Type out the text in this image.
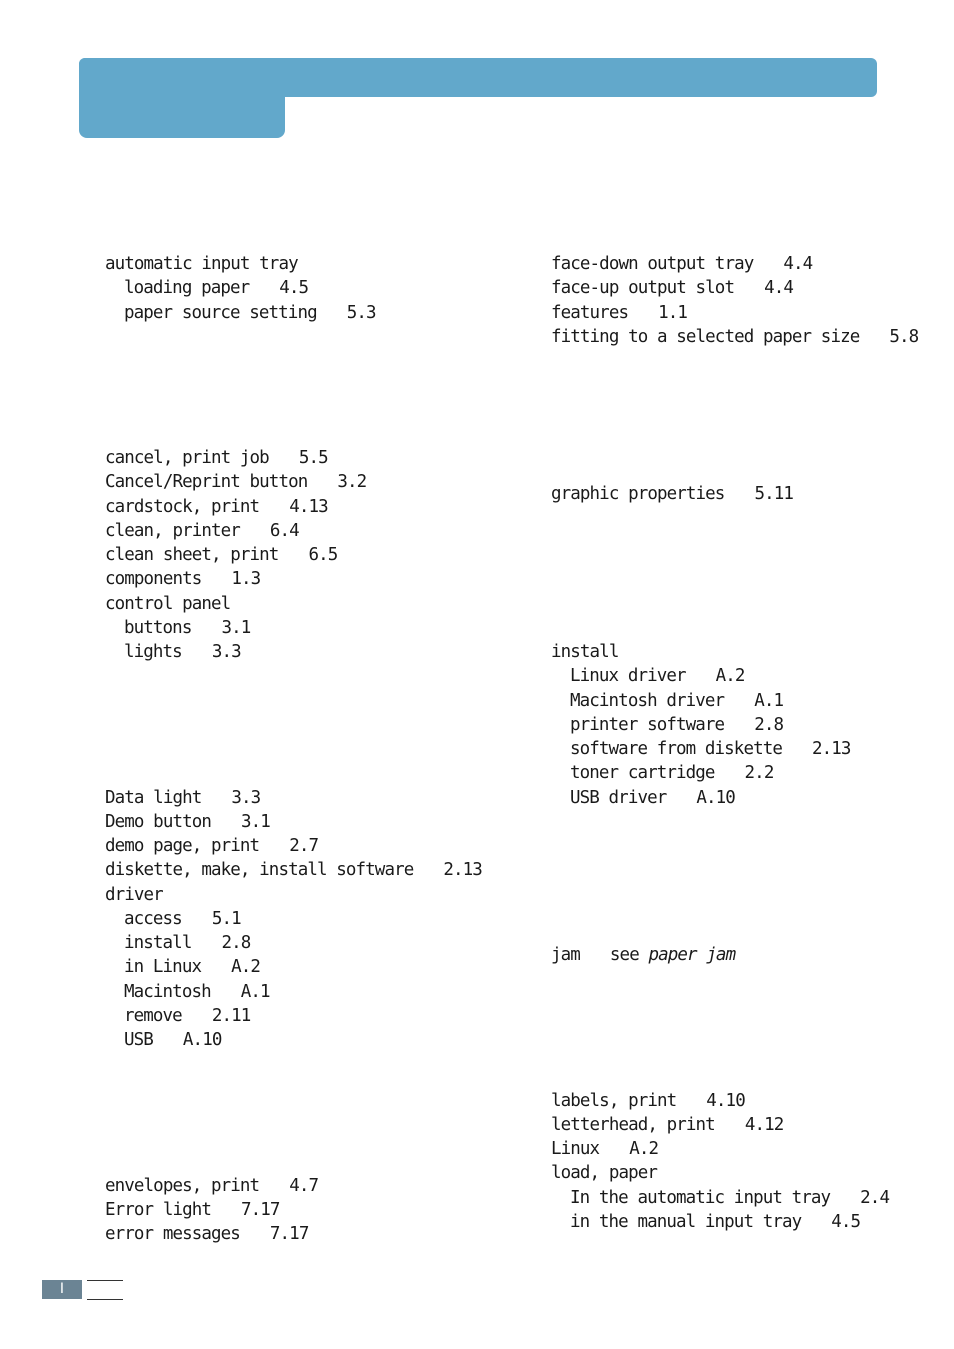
automatic input tray
loading paper 4.5
paper source setting 5.3
cancel, print job 5.5
Cancel/Reprint button 3.2
cardstock, print 4.13
clean, printer 6.4
clean sheet, print 6.5
components 1.3
control panel
buttons 3.1
lights 3.3
Data light 3.3
Demo button 3.1
demo page, print 2.7
diskette, make, install software 2.13
driver
access 5.1
install 2.8
in Linux A.2
Macintosh A.1
remove 2.11
USB A.10
envelopes, print 4.7
Error light 7.17
error messages 7.17
face-down output tray 4.4
face-up output slot 4.4
features 1.1
fitting to a selected paper size 5.8
graphic properties 5.11
install
Linux driver A.2
Macintosh driver A.1
printer software 2.8
software from diskette 2.13
toner cartridge 2.2
USB driver A.10
jam see paper jam
labels, print 4.10
letterhead, print 4.12
Linux A.2
load, paper
In the automatic input tray 2.4
in the manual input tray 4.5
I
